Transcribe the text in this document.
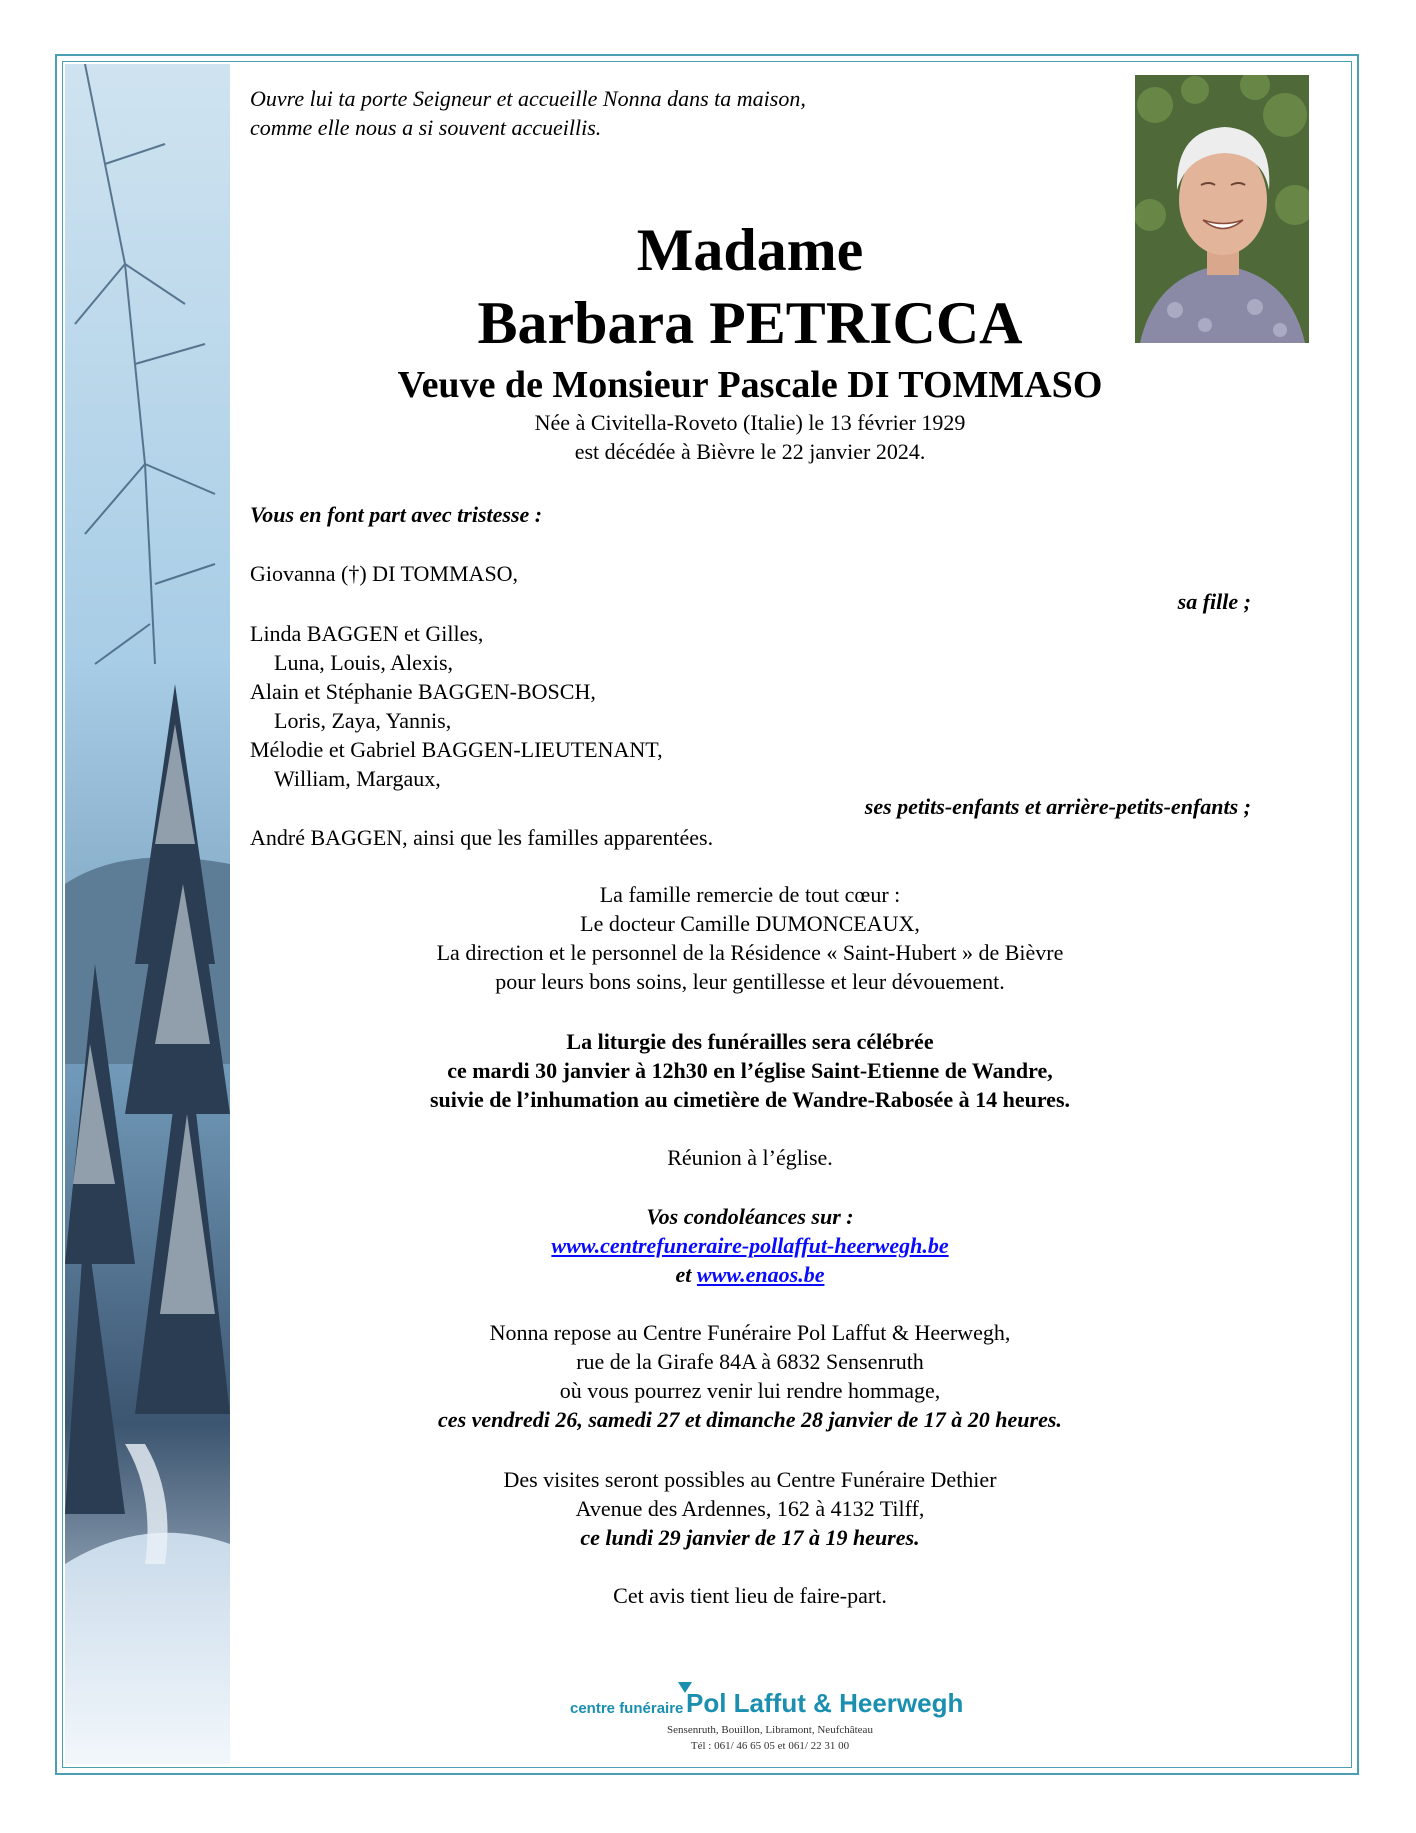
Ouvre lui ta porte Seigneur et accueille Nonna dans ta maison,
comme elle nous a si souvent accueillis.
Madame
Barbara PETRICCA
Veuve de Monsieur Pascale DI TOMMASO
Née à Civitella-Roveto (Italie) le 13 février 1929
est décédée à Bièvre le 22 janvier 2024.
Vous en font part avec tristesse :
Giovanna (†) DI TOMMASO,
sa fille ;
Linda BAGGEN et Gilles,
Luna, Louis, Alexis,
Alain et Stéphanie BAGGEN-BOSCH,
Loris, Zaya, Yannis,
Mélodie et Gabriel BAGGEN-LIEUTENANT,
William, Margaux,
ses petits-enfants et arrière-petits-enfants ;
André BAGGEN, ainsi que les familles apparentées.
La famille remercie de tout cœur :
Le docteur Camille DUMONCEAUX,
La direction et le personnel de la Résidence « Saint-Hubert » de Bièvre
pour leurs bons soins, leur gentillesse et leur dévouement.
La liturgie des funérailles sera célébrée
ce mardi 30 janvier à 12h30 en l’église Saint-Etienne de Wandre,
suivie de l’inhumation au cimetière de Wandre-Rabosée à 14 heures.
Réunion à l’église.
Vos condoléances sur :
www.centrefuneraire-pollaffut-heerwegh.be
et www.enaos.be
Nonna repose au Centre Funéraire Pol Laffut & Heerwegh,
rue de la Girafe 84A à 6832 Sensenruth
où vous pourrez venir lui rendre hommage,
ces vendredi 26, samedi 27 et dimanche 28 janvier de 17 à 20 heures.
Des visites seront possibles au Centre Funéraire Dethier
Avenue des Ardennes, 162 à 4132 Tilff,
ce lundi 29 janvier de 17 à 19 heures.
Cet avis tient lieu de faire-part.
centre funéraire Pol Laffut & Heerwegh
Sensenruth, Bouillon, Libramont, Neufchâteau
Tél : 061/ 46 65 05 et 061/ 22 31 00
